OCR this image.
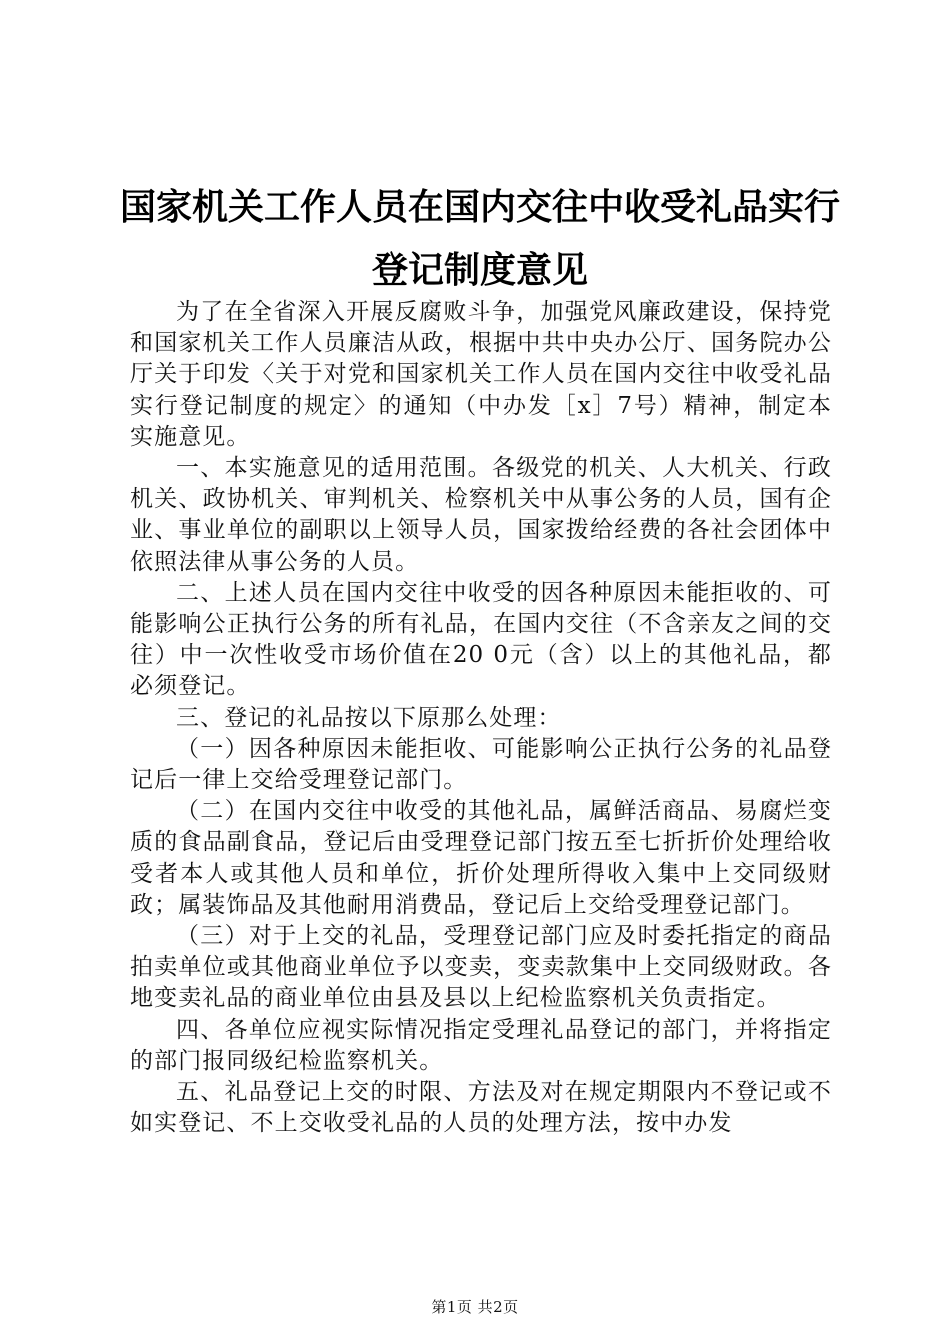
国家机关工作人员在国内交往中收受礼品实行
登记制度意见

为了在全省深入开展反腐败斗争，加强党风廉政建设，保持党和国家机关工作人员廉洁从政，根据中共中央办公厅、国务院办公厅关于印发〈关于对党和国家机关工作人员在国内交往中收受礼品实行登记制度的规定〉的通知（中办发［x］7号）精神，制定本实施意见。

一、本实施意见的适用范围。各级党的机关、人大机关、行政机关、政协机关、审判机关、检察机关中从事公务的人员，国有企业、事业单位的副职以上领导人员，国家拨给经费的各社会团体中依照法律从事公务的人员。

二、上述人员在国内交往中收受的因各种原因未能拒收的、可能影响公正执行公务的所有礼品，在国内交往（不含亲友之间的交往）中一次性收受市场价值在20 0元（含）以上的其他礼品，都必须登记。

三、登记的礼品按以下原那么处理：

（一）因各种原因未能拒收、可能影响公正执行公务的礼品登记后一律上交给受理登记部门。

（二）在国内交往中收受的其他礼品，属鲜活商品、易腐烂变质的食品副食品，登记后由受理登记部门按五至七折折价处理给收受者本人或其他人员和单位，折价处理所得收入集中上交同级财政；属装饰品及其他耐用消费品，登记后上交给受理登记部门。

（三）对于上交的礼品，受理登记部门应及时委托指定的商品拍卖单位或其他商业单位予以变卖，变卖款集中上交同级财政。各地变卖礼品的商业单位由县及县以上纪检监察机关负责指定。

四、各单位应视实际情况指定受理礼品登记的部门，并将指定的部门报同级纪检监察机关。

五、礼品登记上交的时限、方法及对在规定期限内不登记或不如实登记、不上交收受礼品的人员的处理方法，按中办发

第1页 共2页
